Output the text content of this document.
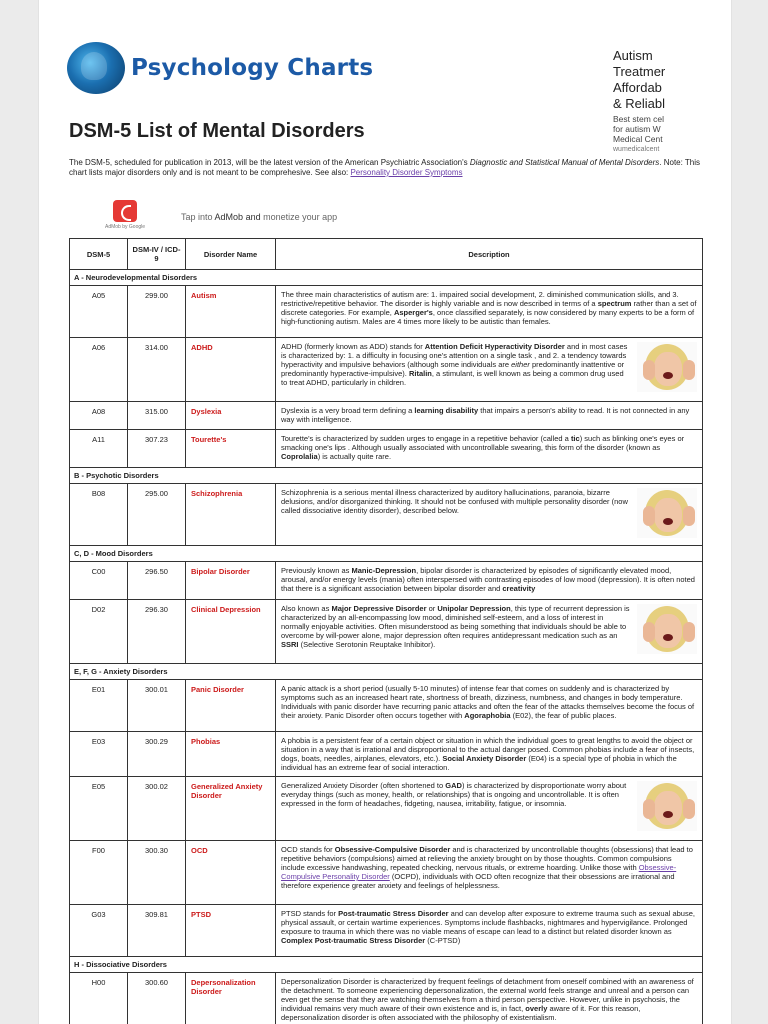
Psychology Charts	Autism
Treatmer
Affordab
& Reliabl
Best stem cel
for autism W
Medical Cent
wumedicalcent
DSM-5 List of Mental Disorders
The DSM-5, scheduled for publication in 2013, will be the latest version of the American Psychiatric Association's Diagnostic and Statistical Manual of Mental Disorders. Note: This chart lists major disorders only and is not meant to be comprehesive. See also: Personality Disorder Symptoms
AdMob by Google
Tap into AdMob and monetize your app
DSM-5	DSM-IV / ICD-9	Disorder Name	Description
A - Neurodevelopmental Disorders			
A05	299.00	Autism	The three main characteristics of autism are: 1. impaired social development, 2. diminished communication skills, and 3. restrictive/repetitive behavior. The disorder is highly variable and is now described in terms of a spectrum rather than a set of discrete categories. For example, Asperger's, once classified separately, is now considered by many experts to be a form of high-functioning autism. Males are 4 times more likely to be autistic than females.
A06	314.00	ADHD	ADHD (formerly known as ADD) stands for Attention Deficit Hyperactivity Disorder and in most cases is characterized by: 1. a difficulty in focusing one's attention on a single task , and 2. a tendency towards hyperactivity and impulsive behaviors (although some individuals are either predominantly inattentive or predominantly hyperactive-impulsive). Ritalin, a stimulant, is well known as being a common drug used to treat ADHD, particularly in children.
A08	315.00	Dyslexia	Dyslexia is a very broad term defining a learning disability that impairs a person's ability to read. It is not connected in any way with intelligence.
A11	307.23	Tourette's	Tourette's is characterized by sudden urges to engage in a repetitive behavior (called a tic) such as blinking one's eyes or smacking one's lips . Although usually associated with uncontrollable swearing, this form of the disorder (known as Coprolalia) is actually quite rare.
B - Psychotic Disorders			
B08	295.00	Schizophrenia	Schizophrenia is a serious mental illness characterized by auditory hallucinations, paranoia, bizarre delusions, and/or disorganized thinking. It should not be confused with multiple personality disorder (now called dissociative identity disorder), described below.
C, D - Mood Disorders			
C00	296.50	Bipolar Disorder	Previously known as Manic-Depression, bipolar disorder is characterized by episodes of significantly elevated mood, arousal, and/or energy levels (mania) often interspersed with contrasting episodes of low mood (depression). It is often noted that there is a significant association between bipolar disorder and creativity
D02	296.30	Clinical Depression	Also known as Major Depressive Disorder or Unipolar Depression, this type of recurrent depression is characterized by an all-encompassing low mood, diminished self-esteem, and a loss of interest in normally enjoyable activities. Often misunderstood as being something that individuals should be able to overcome by will-power alone, major depression often requires antidepressant medication such as an SSRI (Selective Serotonin Reuptake Inhibitor).
E, F, G - Anxiety Disorders			
E01	300.01	Panic Disorder	A panic attack is a short period (usually 5-10 minutes) of intense fear that comes on suddenly and is characterized by symptoms such as an increased heart rate, shortness of breath, dizziness, numbness, and changes in body temperature. Individuals with panic disorder have recurring panic attacks and often the fear of the attacks themselves become the focus of their anxiety. Panic Disorder often occurs together with Agoraphobia (E02), the fear of public places.
E03	300.29	Phobias	A phobia is a persistent fear of a certain object or situation in which the individual goes to great lengths to avoid the object or situation in a way that is irrational and disproportional to the actual danger posed. Common phobias include a fear of insects, dogs, boats, needles, airplanes, elevators, etc.). Social Anxiety Disorder (E04) is a special type of phobia in which the individual has an extreme fear of social interaction.
E05	300.02	Generalized Anxiety Disorder	Generalized Anxiety Disorder (often shortened to GAD) is characterized by disproportionate worry about everyday things (such as money, health, or relationships) that is ongoing and uncontrollable. It is often expressed in the form of headaches, fidgeting, nausea, irritability, fatigue, or insomnia.
F00	300.30	OCD	OCD stands for Obsessive-Compulsive Disorder and is characterized by uncontrollable thoughts (obsessions) that lead to repetitive behaviors (compulsions) aimed at relieving the anxiety brought on by those thoughts. Common compulsions include excessive handwashing, repeated checking, nervous rituals, or extreme hoarding. Unlike those with Obsessive-Compulsive Personality Disorder (OCPD), individuals with OCD often recognize that their obsessions are irrational and therefore experience greater anxiety and feelings of helplessness.
G03	309.81	PTSD	PTSD stands for Post-traumatic Stress Disorder and can develop after exposure to extreme trauma such as sexual abuse, physical assault, or certain wartime experiences. Symptoms include flashbacks, nightmares and hypervigilance. Prolonged exposure to trauma in which there was no viable means of escape can lead to a distinct but related disorder known as Complex Post-traumatic Stress Disorder (C-PTSD)
H - Dissociative Disorders			
H00	300.60	Depersonalization Disorder	Depersonalization Disorder is characterized by frequent feelings of detachment from oneself combined with an awareness of the detachment. To someone experiencing depersonalization, the external world feels strange and unreal and a person can even get the sense that they are watching themselves from a third person perspective. However, unlike in psychosis, the individual remains very much aware of their own existence and is, in fact, overly aware of it. For this reason, depersonalization disorder is often associated with the philosophy of existentialism.
